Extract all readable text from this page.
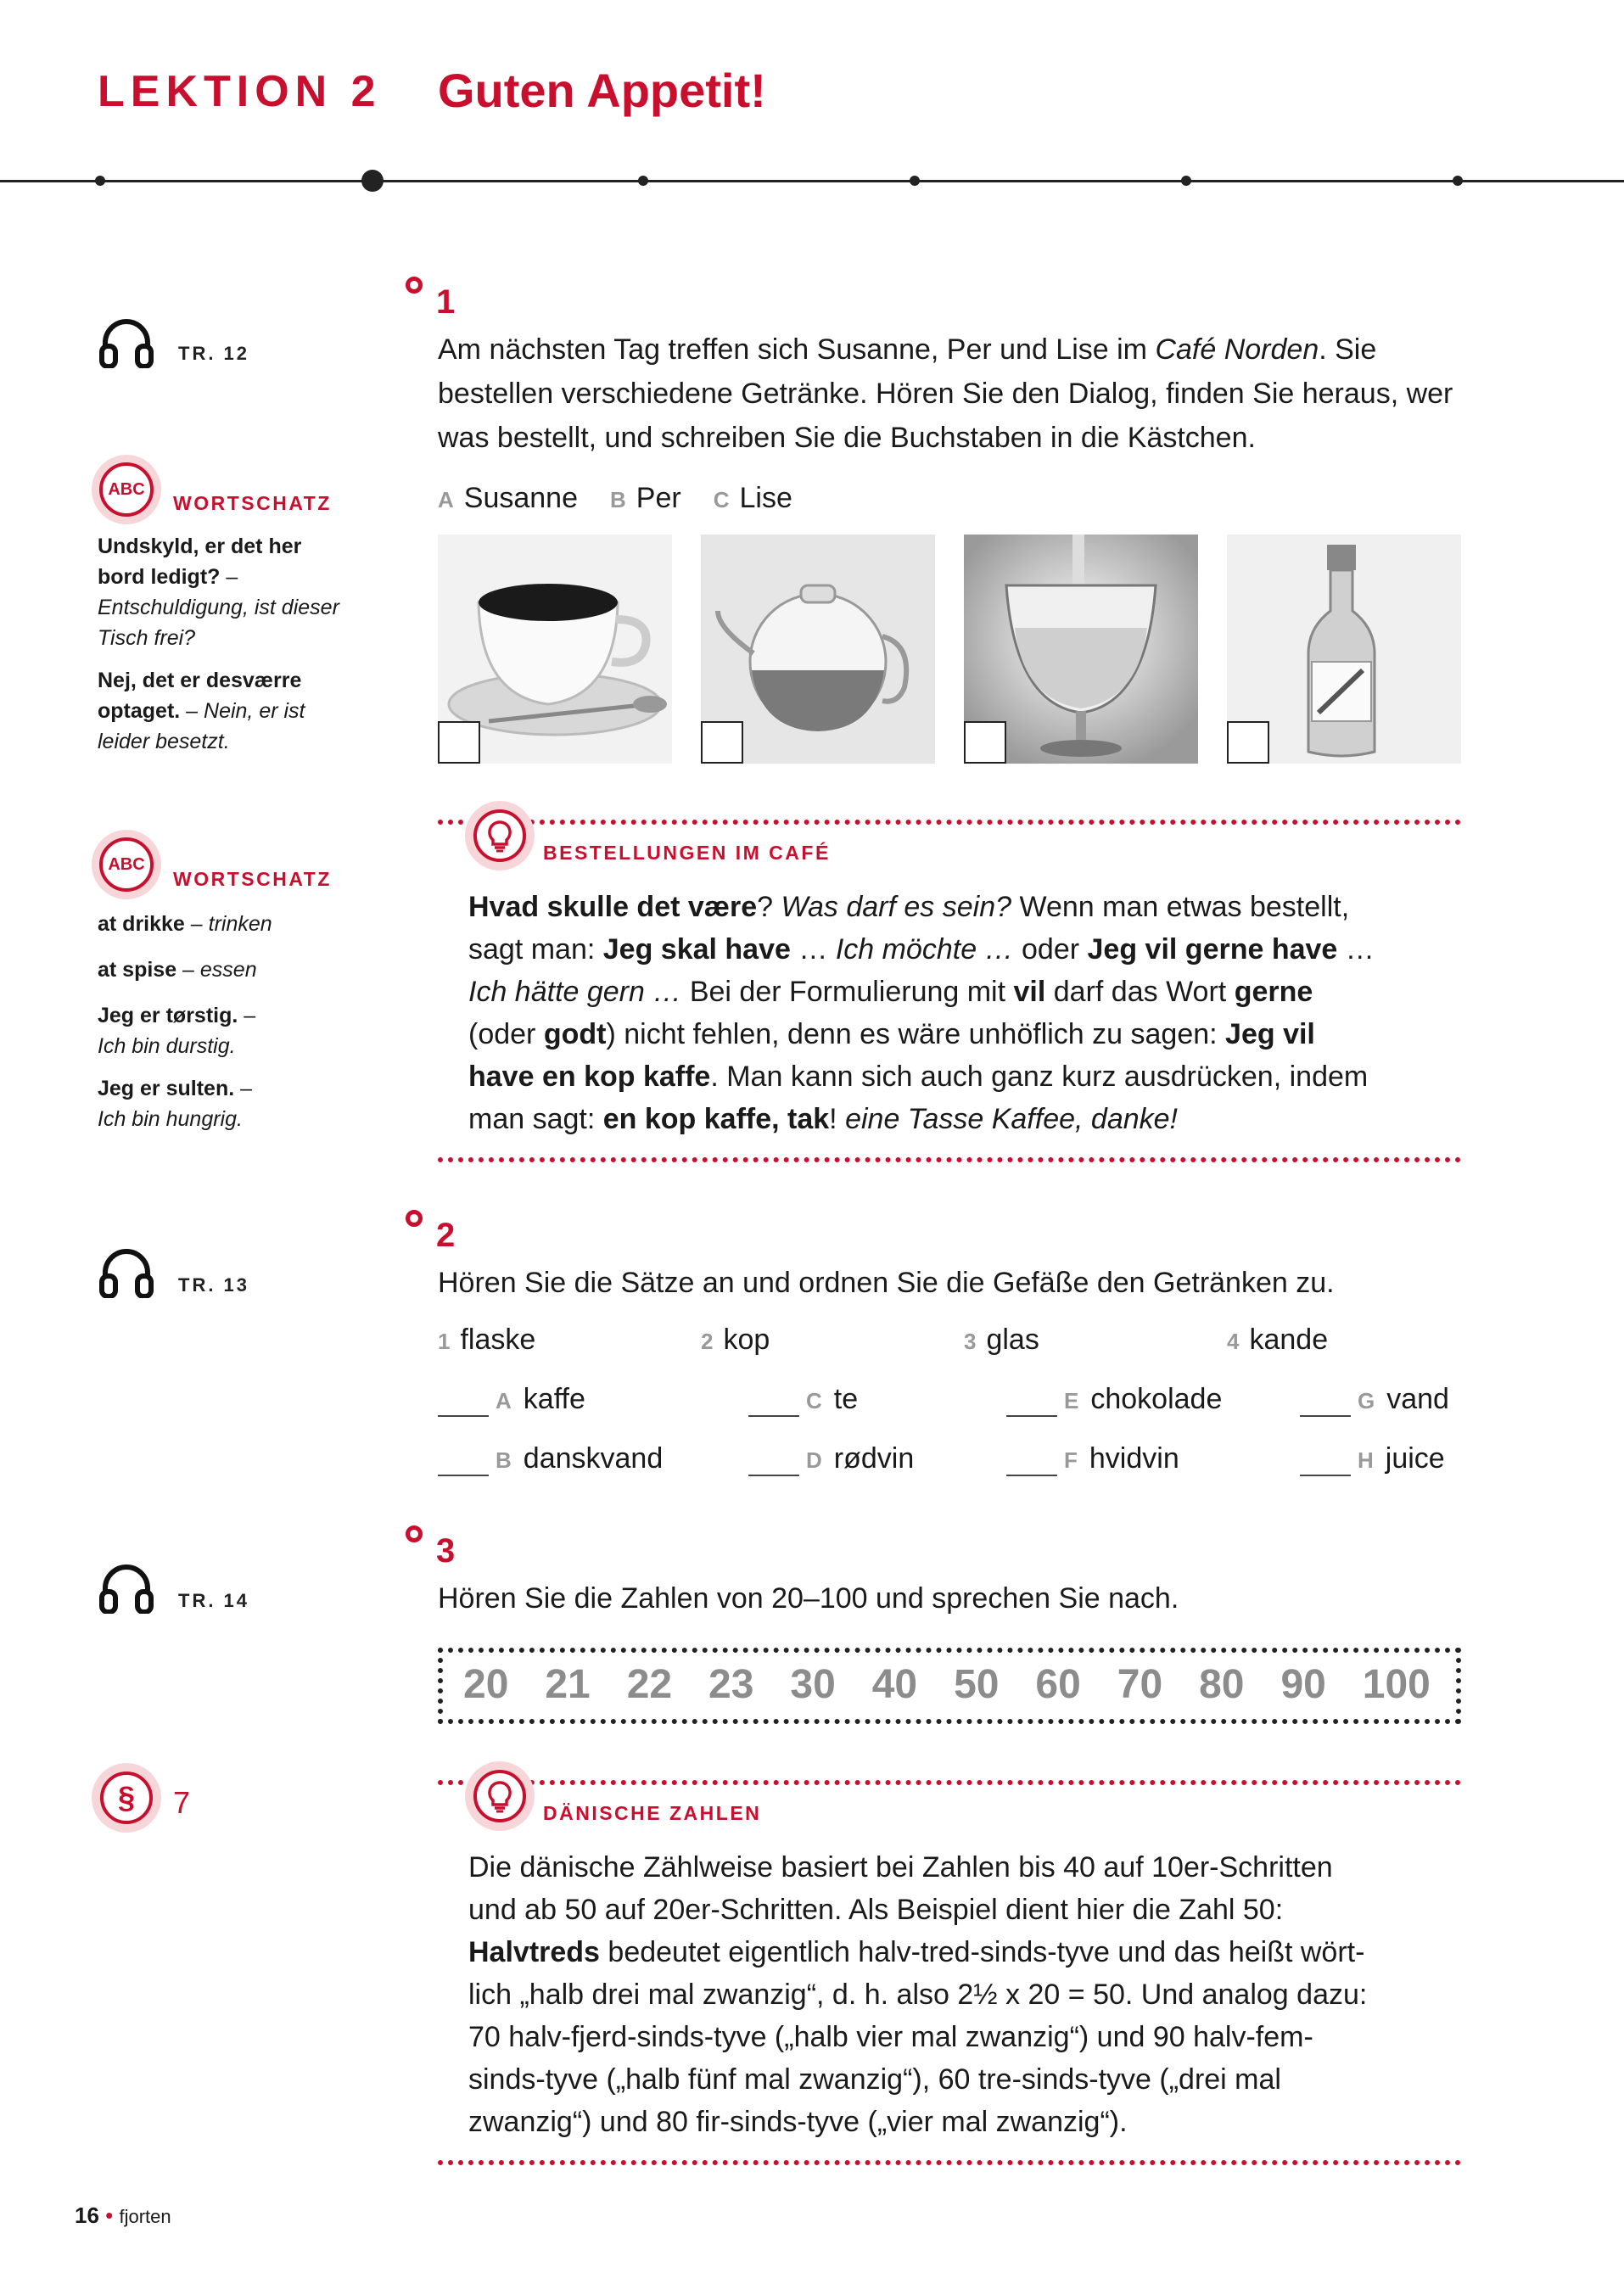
LEKTION 2 Guten Appetit!
TR. 12
ABC
WORTSCHATZ
Undskyld, er det her bord ledigt? – Entschuldigung, ist dieser Tisch frei?
Nej, det er desværre optaget. – Nein, er ist leider besetzt.
ABC
WORTSCHATZ
at drikke – trinken
at spise – essen
Jeg er tørstig. –
Ich bin durstig.
Jeg er sulten. –
Ich bin hungrig.
1
Am nächsten Tag treffen sich Susanne, Per und Lise im Café Norden. Sie bestellen verschiedene Getränke. Hören Sie den Dialog, finden Sie heraus, wer was bestellt, und schreiben Sie die Buchstaben in die Kästchen.
A Susanne B Per C Lise
BESTELLUNGEN IM CAFÉ
Hvad skulle det være? Was darf es sein? Wenn man etwas bestellt,
sagt man: Jeg skal have … Ich möchte … oder Jeg vil gerne have …
Ich hätte gern … Bei der Formulierung mit vil darf das Wort gerne
(oder godt) nicht fehlen, denn es wäre unhöflich zu sagen: Jeg vil
have en kop kaffe. Man kann sich auch ganz kurz ausdrücken, indem
man sagt: en kop kaffe, tak! eine Tasse Kaffee, danke!
TR. 13
2
Hören Sie die Sätze an und ordnen Sie die Gefäße den Getränken zu.
1 flaske	2 kop	3 glas	4 kande
A kaffe	C te	E chokolade	G vand
B danskvand	D rødvin	F hvidvin	H juice
TR. 14
3
Hören Sie die Zahlen von 20–100 und sprechen Sie nach.
20 21 22 23 30 40 50 60 70 80 90 100
§	7	DÄNISCHE ZAHLEN
Die dänische Zählweise basiert bei Zahlen bis 40 auf 10er-Schritten
und ab 50 auf 20er-Schritten. Als Beispiel dient hier die Zahl 50:
Halvtreds bedeutet eigentlich halv-tred-sinds-tyve und das heißt wört-
lich „halb drei mal zwanzig“, d. h. also 2½ x 20 = 50. Und analog dazu:
70 halv-fjerd-sinds-tyve („halb vier mal zwanzig“) und 90 halv-fem-
sinds-tyve („halb fünf mal zwanzig“), 60 tre-sinds-tyve („drei mal
zwanzig“) und 80 fir-sinds-tyve („vier mal zwanzig“).
16 • fjorten
